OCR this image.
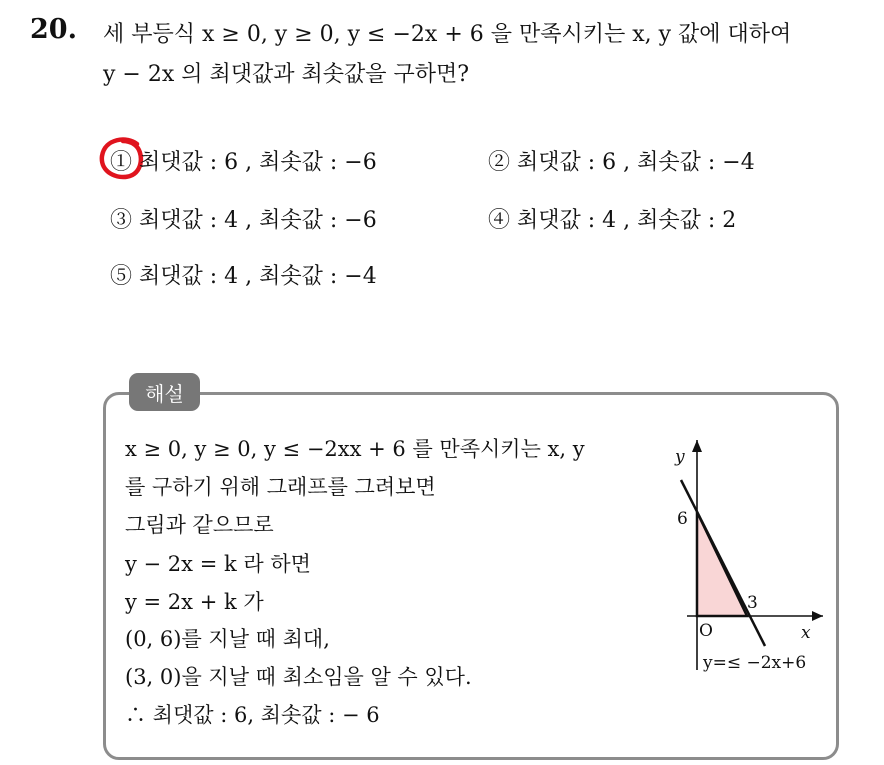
20. 세 부등식 x ≥ 0, y ≥ 0, y ≤ −2x + 6 을 만족시키는 x, y 값에 대하여
y − 2x 의 최댓값과 최솟값을 구하면?
① 최댓값 : 6 , 최솟값 : −6	② 최댓값 : 6 , 최솟값 : −4
③ 최댓값 : 4 , 최솟값 : −6	④ 최댓값 : 4 , 최솟값 : 2
⑤ 최댓값 : 4 , 최솟값 : −4
해설
x ≥ 0, y ≥ 0, y ≤ −2xx + 6 를 만족시키는 x, y
를 구하기 위해 그래프를 그려보면
그림과 같으므로
y − 2x = k 라 하면
y = 2x + k 가
(0, 6)를 지날 때 최대,
(3, 0)을 지날 때 최소임을 알 수 있다.
∴ 최댓값 : 6, 최솟값 : − 6
y
6
3
O	x
y=≤ −2x+6
